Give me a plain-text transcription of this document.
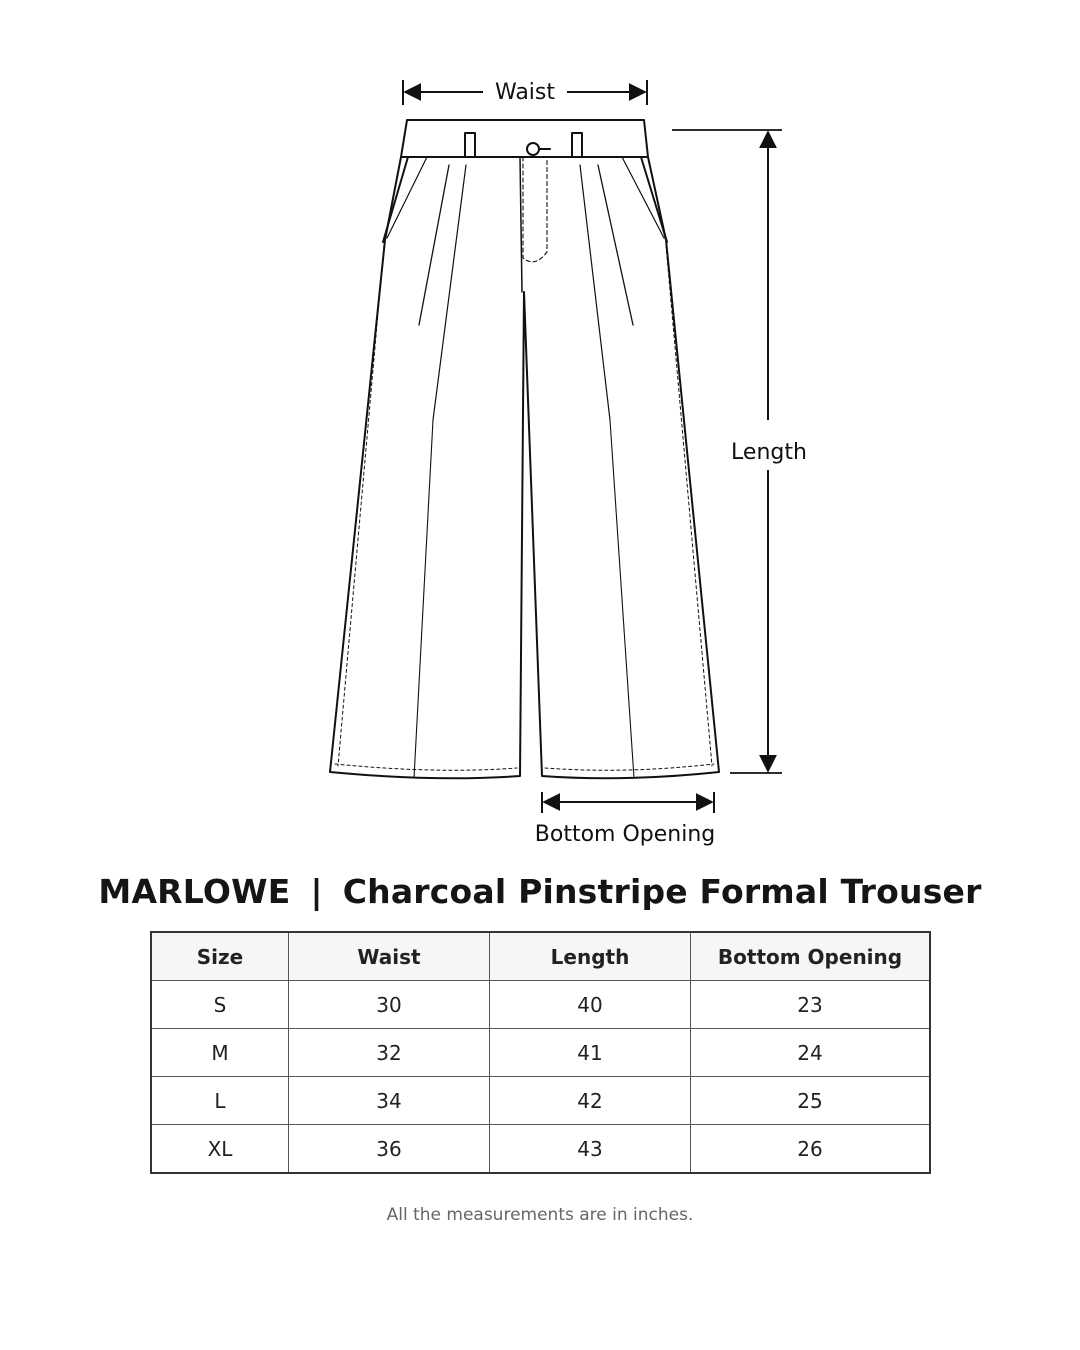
Waist
Length
Bottom Opening
MARLOWE | Charcoal Pinstripe Formal Trouser
Size	Waist	Length	Bottom Opening
S	30	40	23
M	32	41	24
L	34	42	25
XL	36	43	26
All the measurements are in inches.
